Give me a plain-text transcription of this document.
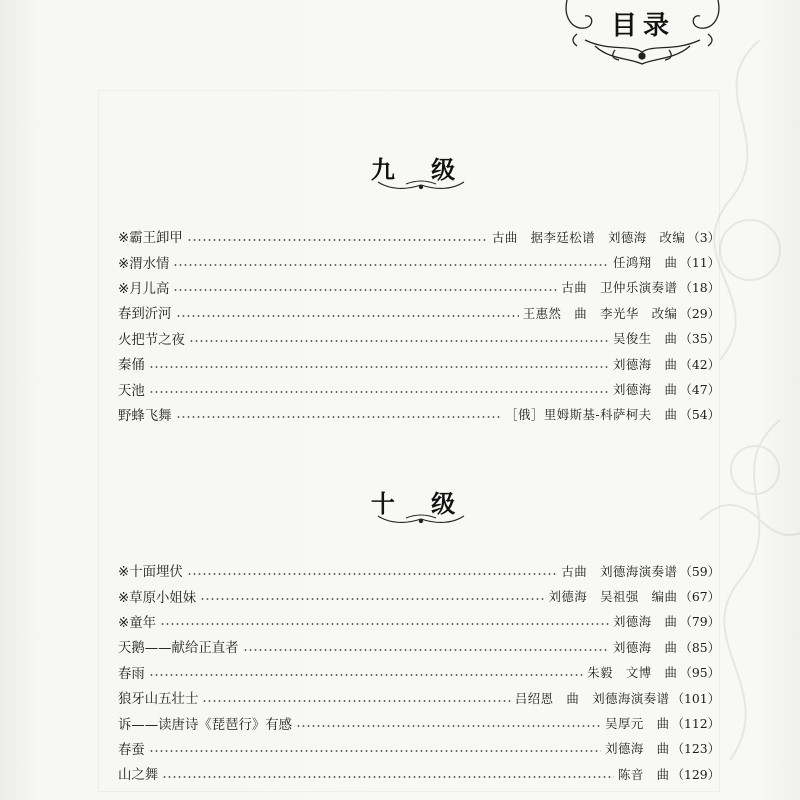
目录
九 级
※霸王卸甲	古曲　据李廷松谱　刘德海　改编 （3）
※渭水情	任鸿翔　曲 （11）
※月儿高	古曲　卫仲乐演奏谱 （18）
春到沂河	王惠然　曲　李光华　改编 （29）
火把节之夜	吴俊生　曲 （35）
秦俑	刘德海　曲 （42）
天池	刘德海　曲 （47）
野蜂飞舞	［俄］里姆斯基-科萨柯夫　曲 （54）
十 级
※十面埋伏	古曲　刘德海演奏谱 （59）
※草原小姐妹	刘德海　吴祖强　编曲 （67）
※童年	刘德海　曲 （79）
天鹅——献给正直者	刘德海　曲 （85）
春雨	朱毅　文博　曲 （95）
狼牙山五壮士	吕绍恩　曲　刘德海演奏谱 （101）
诉——读唐诗《琵琶行》有感	吴厚元　曲 （112）
春蚕	刘德海　曲 （123）
山之舞	陈音　曲 （129）
